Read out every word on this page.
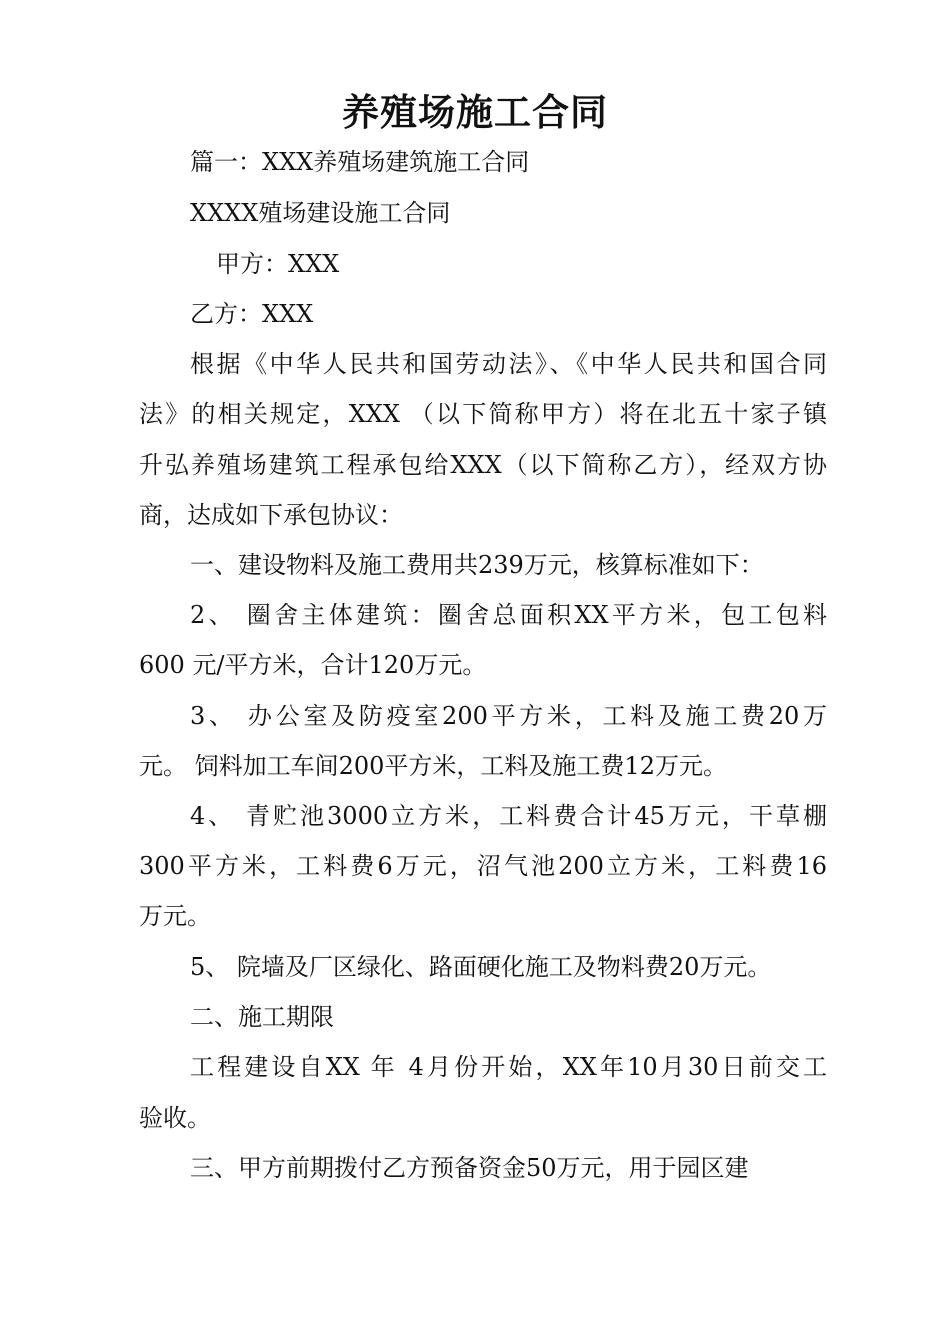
养殖场施工合同
篇一：XXX养殖场建筑施工合同
XXXX殖场建设施工合同
甲方：XXX
乙方：XXX
根据《中华人民共和国劳动法》、《中华人民共和国合同
法》的相关规定，XXX （以下简称甲方）将在北五十家子镇
升弘养殖场建筑工程承包给XXX（以下简称乙方），经双方协
商，达成如下承包协议：
一、建设物料及施工费用共239万元，核算标准如下：
2、 圈舍主体建筑：圈舍总面积XX平方米，包工包料
600 元/平方米，合计120万元。
3、 办公室及防疫室200平方米，工料及施工费20万
元。 饲料加工车间200平方米，工料及施工费12万元。
4、 青贮池3000立方米，工料费合计45万元，干草棚
300平方米，工料费6万元，沼气池200立方米，工料费16
万元。
5、 院墙及厂区绿化、路面硬化施工及物料费20万元。
二、施工期限
工程建设自XX 年 4月份开始，XX年10月30日前交工
验收。
三、甲方前期拨付乙方预备资金50万元，用于园区建
